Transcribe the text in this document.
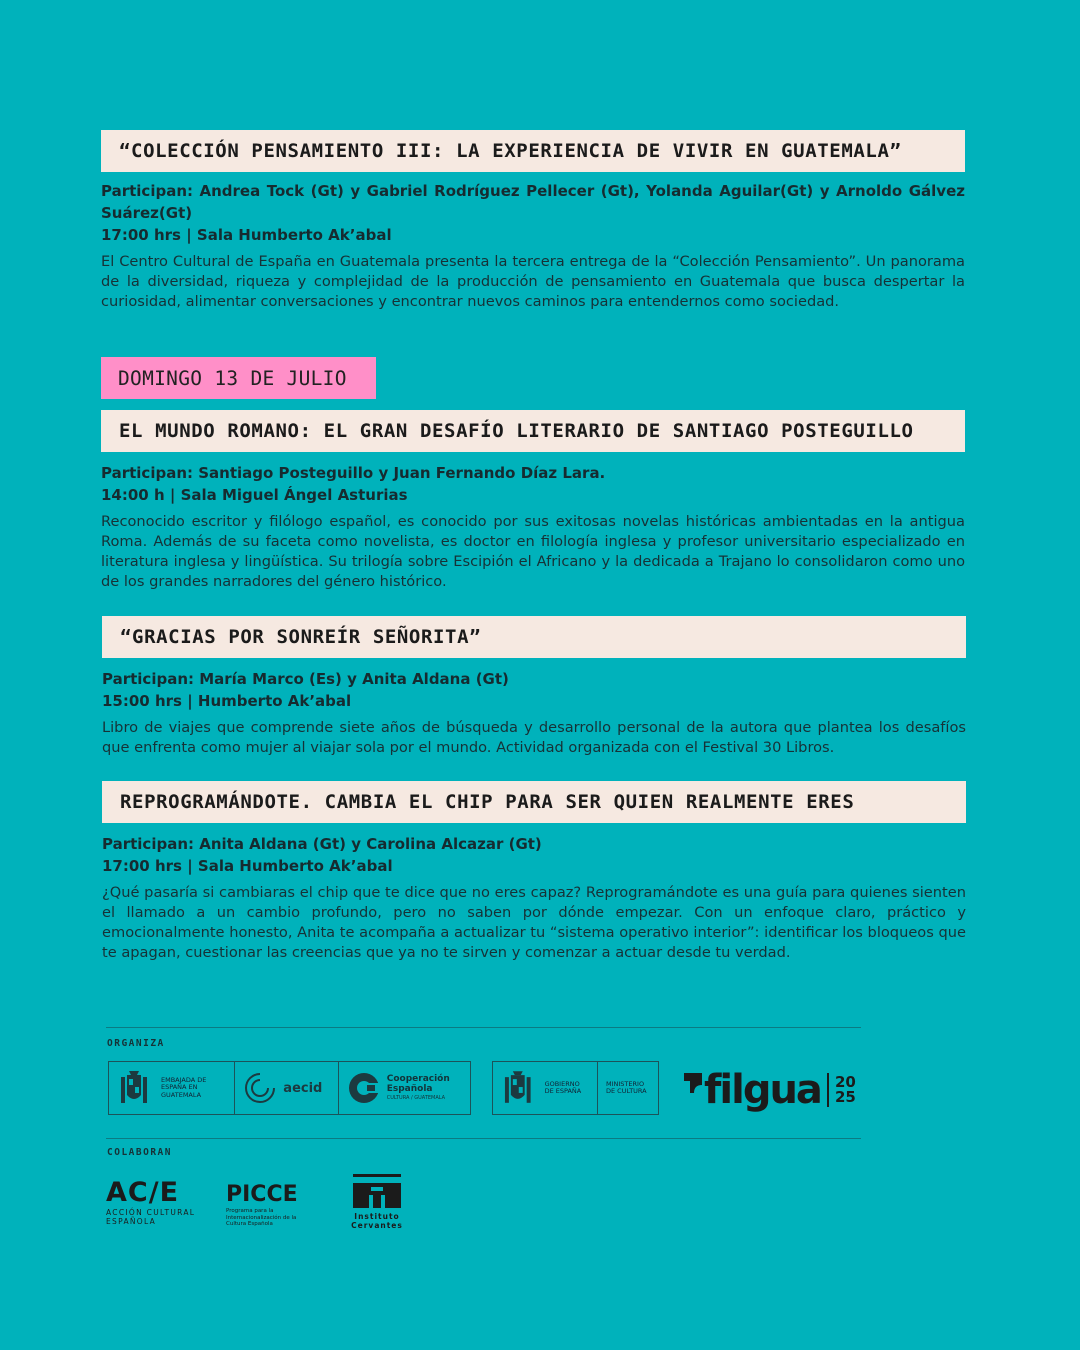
“COLECCIÓN PENSAMIENTO III: LA EXPERIENCIA DE VIVIR EN GUATEMALA”
Participan: Andrea Tock (Gt) y Gabriel Rodríguez Pellecer (Gt), Yolanda Aguilar(Gt) y Arnoldo Gálvez Suárez(Gt)
17:00 hrs | Sala Humberto Ak’abal
El Centro Cultural de España en Guatemala presenta la tercera entrega de la “Colección Pensamiento”. Un panorama de la diversidad, riqueza y complejidad de la producción de pensamiento en Guatemala que busca despertar la curiosidad, alimentar conversaciones y encontrar nuevos caminos para entendernos como sociedad.
DOMINGO 13 DE JULIO
EL MUNDO ROMANO: EL GRAN DESAFÍO LITERARIO DE SANTIAGO POSTEGUILLO
Participan: Santiago Posteguillo y Juan Fernando Díaz Lara.
14:00 h | Sala Miguel Ángel Asturias
Reconocido escritor y filólogo español, es conocido por sus exitosas novelas históricas ambientadas en la antigua Roma. Además de su faceta como novelista, es doctor en filología inglesa y profesor universitario especializado en literatura inglesa y lingüística. Su trilogía sobre Escipión el Africano y la dedicada a Trajano lo consolidaron como uno de los grandes narradores del género histórico.
“GRACIAS POR SONREÍR SEÑORITA”
Participan: María Marco (Es) y Anita Aldana (Gt)
15:00 hrs | Humberto Ak’abal
Libro de viajes que comprende siete años de búsqueda y desarrollo personal de la autora que plantea los desafíos que enfrenta como mujer al viajar sola por el mundo. Actividad organizada con el Festival 30 Libros.
REPROGRAMÁNDOTE. CAMBIA EL CHIP PARA SER QUIEN REALMENTE ERES
Participan: Anita Aldana (Gt) y Carolina Alcazar (Gt)
17:00 hrs | Sala Humberto Ak’abal
¿Qué pasaría si cambiaras el chip que te dice que no eres capaz? Reprogramándote es una guía para quienes sienten el llamado a un cambio profundo, pero no saben por dónde empezar. Con un enfoque claro, práctico y emocionalmente honesto, Anita te acompaña a actualizar tu “sistema operativo interior”: identificar los bloqueos que te apagan, cuestionar las creencias que ya no te sirven y comenzar a actuar desde tu verdad.
ORGANIZA
EMBAJADA DE ESPAÑA EN GUATEMALA	aecid
Cooperación
Española
CULTURA / GUATEMALA
GOBIERNO DE ESPAÑA
MINISTERIO DE CULTURA filgua 20
25
COLABORAN
AC/E
ACCIÓN CULTURAL
ESPAÑOLA
PICCE
Programa para la Internacionalización de la Cultura Española
Instituto
Cervantes
